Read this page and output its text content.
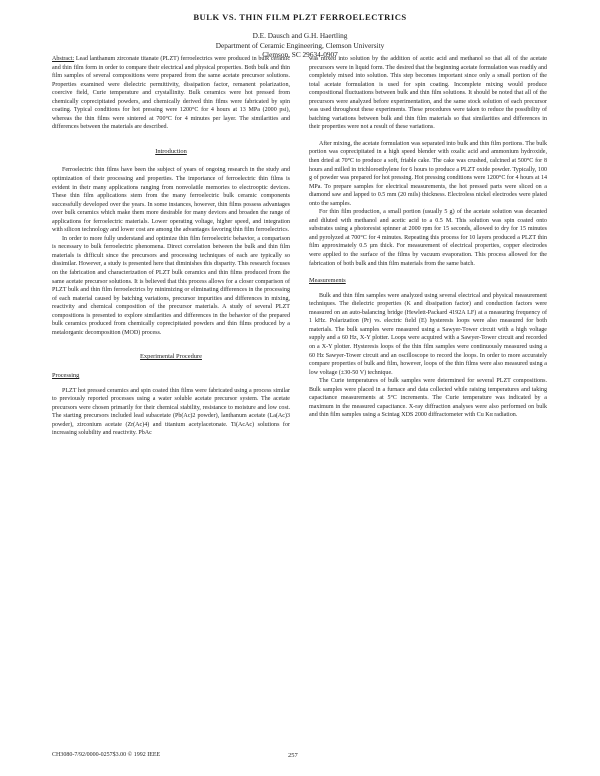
BULK VS. THIN FILM PLZT FERROELECTRICS
D.E. Dausch and G.H. Haertling
Department of Ceramic Engineering, Clemson University
Clemson, SC 29634-0907

Abstract: Lead lanthanum zirconate titanate (PLZT) ferroelectrics were produced in bulk ceramic and thin film form in order to compare their electrical and physical properties. Both bulk and thin film samples of several compositions were prepared from the same acetate precursor solutions. Properties examined were dielectric permittivity, dissipation factor, remanent polarization, coercive field, Curie temperature and crystallinity. Bulk ceramics were hot pressed from chemically coprecipitated powders, and chemically derived thin films were fabricated by spin coating. Typical conditions for hot pressing were 1200°C for 4 hours at 13 MPa (2000 psi), whereas the thin films were sintered at 700°C for 4 minutes per layer. The similarities and differences between the materials are described.

Introduction

Ferroelectric thin films have been the subject of years of ongoing research in the study and optimization of their processing and properties. The importance of ferroelectric thin films is evident in their many applications ranging from nonvolatile memories to electrooptic devices. These thin film applications stem from the many ferroelectric bulk ceramic components successfully developed over the years. In some instances, however, thin films possess advantages over bulk ceramics which make them more desirable for many devices and broaden the range of applications for ferroelectric materials. Lower operating voltage, higher speed, and integration with silicon technology and lower cost are among the advantages favoring thin film ferroelectrics.

In order to more fully understand and optimize thin film ferroelectric behavior, a comparison is necessary to bulk ferroelectric phenomena. Direct correlation between the bulk and thin film materials is difficult since the precursors and processing techniques of each are typically so dissimilar. However, a study is presented here that diminishes this disparity. This research focuses on the fabrication and characterization of PLZT bulk ceramics and thin films produced from the same acetate precursor solutions. It is believed that this process allows for a closer comparison of PLZT bulk and thin film ferroelectrics by minimizing or eliminating differences in the processing of each material caused by batching variations, precursor impurities and differences in mixing, reactivity and chemical composition of the precursor materials. A study of several PLZT compositions is presented to explore similarities and differences in the behavior of the prepared bulk ceramics produced from chemically coprecipitated powders and thin films produced by a metalorganic decomposition (MOD) process.

Experimental Procedure
Processing

PLZT hot pressed ceramics and spin coated thin films were fabricated using a process similar to previously reported processes using a water soluble acetate precursor system. The acetate precursors were chosen primarily for their chemical stability, resistance to moisture and low cost. The starting precursors included lead subacetate (Pb(Ac)2 powder), lanthanum acetate (La(Ac)3 powder), zirconium acetate (Zr(Ac)4) and titanium acetylacetonate. Ti(AcAc) solutions for increasing solubility and reactivity. PbAc

was mixed into solution by the addition of acetic acid and methanol so that all of the acetate precursors were in liquid form. The desired that the beginning acetate formulation was readily and completely mixed into solution. This step becomes important since only a small portion of the total acetate formulation is used for spin coating. Incomplete mixing would produce compositional fluctuations between bulk and thin film solutions. It should be noted that all of the precursors were analyzed before experimentation, and the same stock solution of each precursor was used throughout these experiments. These procedures were taken to reduce the possibility of batching variations between bulk and thin film materials so that similarities and differences in their properties were not a result of these variations.

After mixing, the acetate formulation was separated into bulk and thin film portions. The bulk portion was coprecipitated in a high speed blender with oxalic acid and ammonium hydroxide, then dried at 70°C to produce a soft, friable cake. The cake was crushed, calcined at 500°C for 8 hours and milled in trichloroethylene for 6 hours to produce a PLZT oxide powder. Typically, 100 g of powder was prepared for hot pressing. Hot pressing conditions were 1200°C for 4 hours at 14 MPa. To prepare samples for electrical measurements, the hot pressed parts were sliced on a diamond saw and lapped to 0.5 mm (20 mils) thickness. Electroless nickel electrodes were plated onto the samples.

For thin film production, a small portion (usually 5 g) of the acetate solution was decanted and diluted with methanol and acetic acid to a 0.5 M. This solution was spin coated onto substrates using a photoresist spinner at 2000 rpm for 15 seconds, allowed to dry for 15 minutes and pyrolyzed at 700°C for 4 minutes. Repeating this process for 10 layers produced a PLZT thin film approximately 0.5 µm thick. For measurement of electrical properties, copper electrodes were applied to the surface of the films by vacuum evaporation. This process allowed for the fabrication of both bulk and thin film materials from the same batch.

Measurements

Bulk and thin film samples were analyzed using several electrical and physical measurement techniques. The dielectric properties (K and dissipation factor) and conduction factors were measured on an auto-balancing bridge (Hewlett-Packard 4192A LF) at a measuring frequency of 1 kHz. Polarization (Pr) vs. electric field (E) hysteresis loops were also measured for both materials. The bulk samples were measured using a Sawyer-Tower circuit with a high voltage supply and a 60 Hz, X-Y plotter. Loops were acquired with a Sawyer-Tower circuit and recorded on a X-Y plotter. Hysteresis loops of the thin film samples were continuously measured using a 60 Hz Sawyer-Tower circuit and an oscilloscope to record the loops. In order to more accurately compare properties of bulk and film, however, loops of the thin films were also measured using a low voltage (±30-50 V) technique.

The Curie temperatures of bulk samples were determined for several PLZT compositions. Bulk samples were placed in a furnace and data collected while raising temperatures and taking capacitance measurements at 5°C increments. The Curie temperature was indicated by a maximum in the measured capacitance. X-ray diffraction analyses were also performed on bulk and thin film samples using a Scintag XDS 2000 diffractometer with Cu Kα radiation.

CH3080-7/92/0000-0257$3.00 © 1992 IEEE	257
